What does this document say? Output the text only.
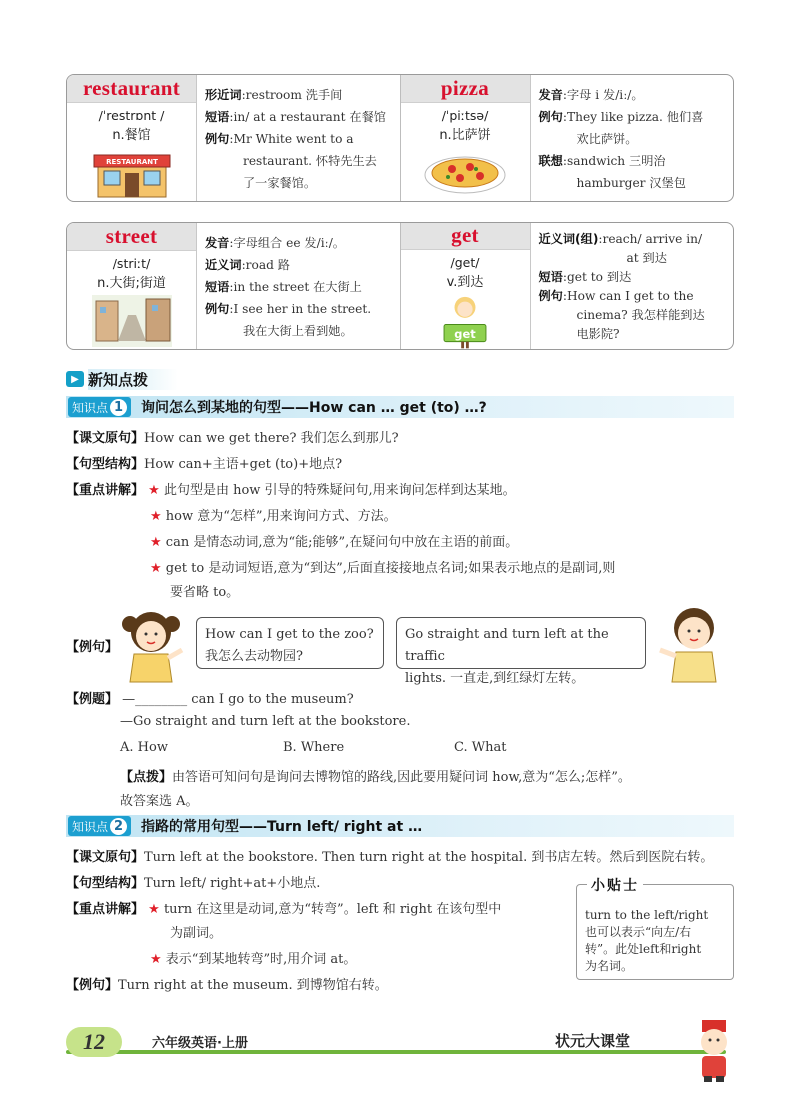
restaurant
/ˈrestrɒnt /
n.餐馆
RESTAURANT
形近词:restroom 洗手间
短语:in/ at a restaurant 在餐馆
例句:Mr White went to a
restaurant. 怀特先生去
了一家餐馆。
pizza
/ˈpiːtsə/
n.比萨饼
发音:字母 i 发/iː/。
例句:They like pizza. 他们喜
欢比萨饼。
联想:sandwich 三明治
hamburger 汉堡包
street
/striːt/
n.大街;街道
发音:字母组合 ee 发/iː/。
近义词:road 路
短语:in the street 在大街上
例句:I see her in the street.
我在大街上看到她。
get
/get/
v.到达
get
近义词(组):reach/ arrive in/
at 到达
短语:get to 到达
例句:How can I get to the
cinema? 我怎样能到达
电影院?
▶ 新知点拨
知识点 1 询问怎么到某地的句型——How can … get (to) …?
【课文原句】How can we get there? 我们怎么到那儿?
【句型结构】How can+主语+get (to)+地点?
【重点讲解】 ★ 此句型是由 how 引导的特殊疑问句,用来询问怎样到达某地。
★ how 意为“怎样”,用来询问方式、方法。
★ can 是情态动词,意为“能;能够”,在疑问句中放在主语的前面。
★ get to 是动词短语,意为“到达”,后面直接接地点名词;如果表示地点的是副词,则
要省略 to。
【例句】
How can I get to the zoo?
我怎么去动物园?
Go straight and turn left at the traffic
lights. 一直走,到红绿灯左转。
【例题】 —________ can I go to the museum?
—Go straight and turn left at the bookstore.
A. How	B. Where	C. What
【点拨】由答语可知问句是询问去博物馆的路线,因此要用疑问词 how,意为“怎么;怎样”。
故答案选 A。
知识点 2 指路的常用句型——Turn left/ right at …
【课文原句】Turn left at the bookstore. Then turn right at the hospital. 到书店左转。然后到医院右转。
【句型结构】Turn left/ right+at+小地点.
【重点讲解】 ★ turn 在这里是动词,意为“转弯”。left 和 right 在该句型中
为副词。
★ 表示“到某地转弯”时,用介词 at。
【例句】Turn right at the museum. 到博物馆右转。
小贴士
turn to the left/right
也可以表示“向左/右
转”。此处left和right
为名词。
12	六年级英语·上册	状元大课堂
